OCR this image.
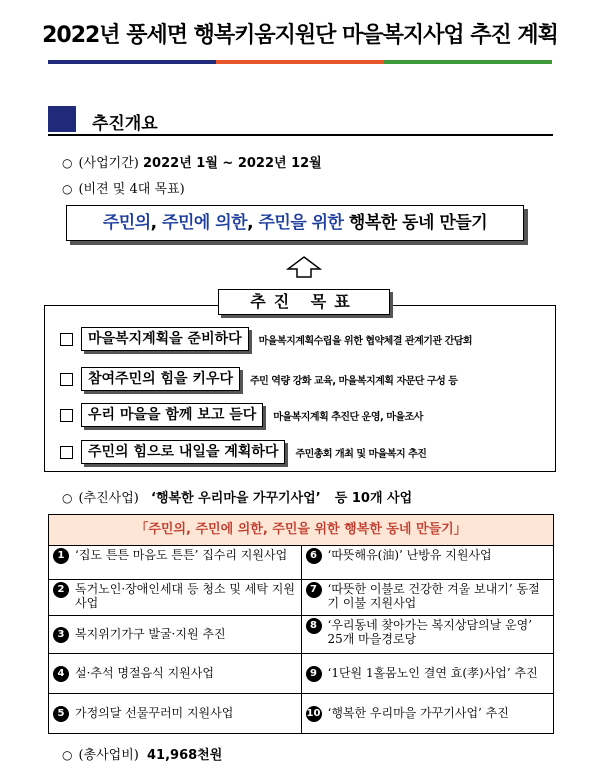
2022년 풍세면 행복키움지원단 마을복지사업 추진 계획
추진개요
○ (사업기간) 2022년 1월 ~ 2022년 12월
○ (비젼 및 4대 목표)
주민의, 주민에 의한, 주민을 위한 행복한 동네 만들기
추진 목표
마을복지계획을 준비하다	마을복지계획수립을 위한 협약체결 관계기관 간담회
참여주민의 힘을 키우다	주민 역량 강화 교육, 마을복지계획 자문단 구성 등
우리 마을을 함께 보고 듣다	마을복지계획 추진단 운영, 마을조사
주민의 힘으로 내일을 계획하다	주민총회 개최 및 마을복지 추진
○ (추진사업) ‘행복한 우리마을 가꾸기사업’ 등 10개 사업
「주민의, 주민에 의한, 주민을 위한 행복한 동네 만들기」	

1 ‘집도 튼튼 마음도 튼튼’ 집수리 지원사업	6 ‘따뜻해유(油)’ 난방유 지원사업

2 독거노인·장애인세대 등 청소 및 세탁 지원사업	7 ‘따뜻한 이불로 건강한 겨울 보내기’ 동절기 이불 지원사업

3 복지위기가구 발굴·지원 추진	8 ‘우리동네 찾아가는 복지상담의날 운영’ 25개 마을경로당

4 설·추석 명절음식 지원사업	9 ‘1단원 1홀몸노인 결연 효(孝)사업’ 추진

5 가정의달 선물꾸러미 지원사업	10 ‘행복한 우리마을 가꾸기사업’ 추진
○ (총사업비) 41,968천원
